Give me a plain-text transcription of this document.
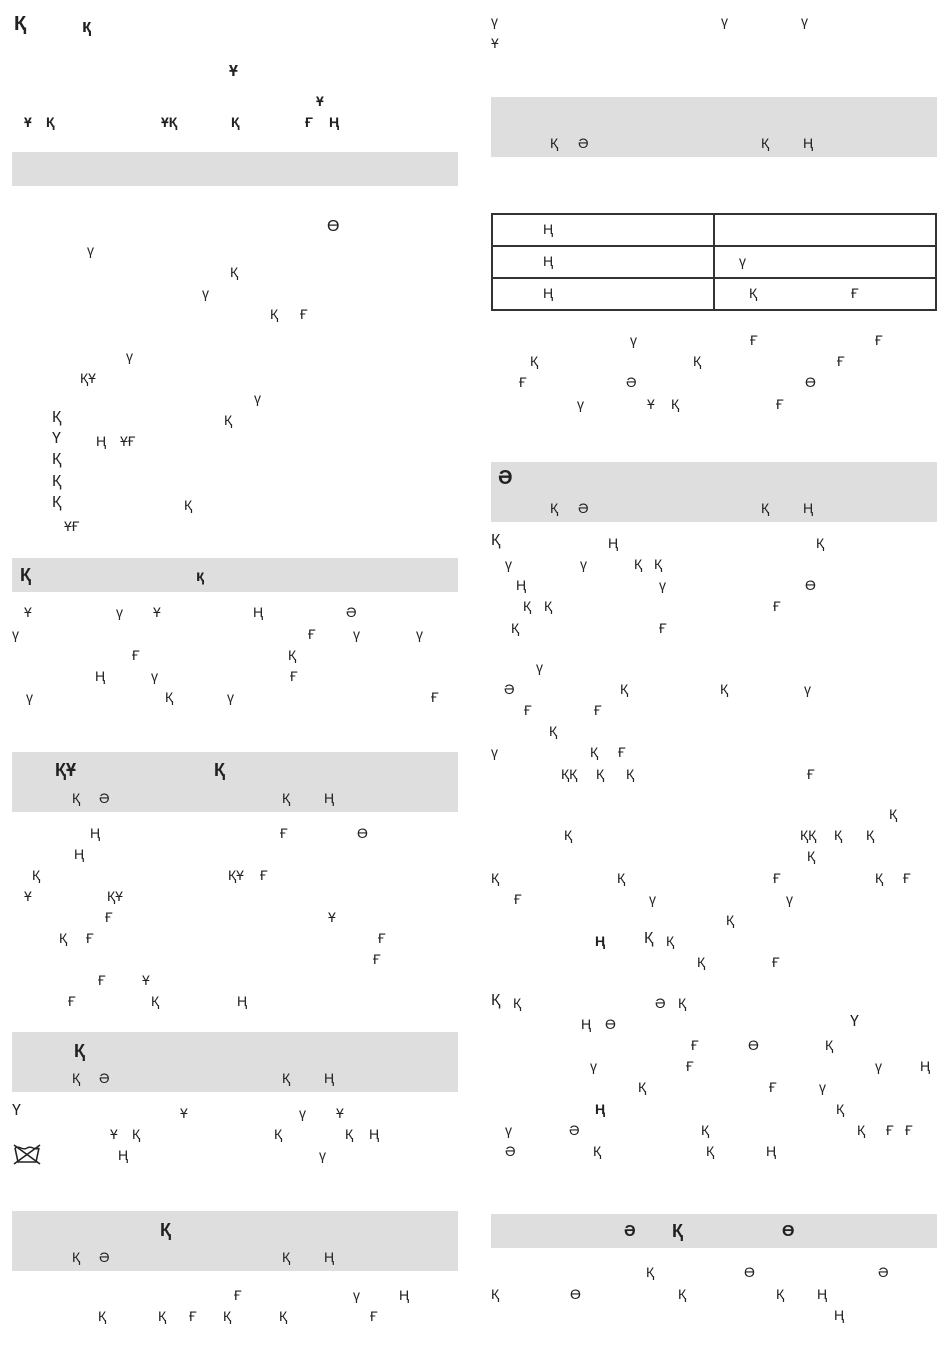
Қ	қ
Ұ
Ұ
Ұ Қ	ҰҚ	Қ	Ғ Ң
Ө
ү
Қ
ү
Қ Ғ
ү
ҚҰ
ү
Қ	Қ
Ү	Ң ҰҒ
Қ
Қ
Қ	Қ
ҰҒ
Қ	қ
Ұ	ү Ұ	Ң	Ә
ү	Ғ	ү	ү
Ғ	Қ
Ң	ү	Ғ
ү	Қ	ү	Ғ
ҚҰ	Қ
Қ Ә	Қ Ң
Ң	Ғ	Ө
Ң
Қ	ҚҰ Ғ
Ұ	ҚҰ
Ғ	Ұ
Қ Ғ	Ғ
Ғ
Ғ	Ұ
Ғ	Қ	Ң
Қ
Қ Ә	Қ Ң
Ү	Ұ	ү Ұ
Ұ Қ	Қ	Қ Ң
Ң	ү
Қ
Қ Ә	Қ Ң
Ғ	ү	Ң
Қ	Қ Ғ Қ	Қ	Ғ
ү	ү	ү
Ұ
Қ Ә	Қ Ң
Ң	
Ң	ү
Ң	Қ Ғ
ү	Ғ	Ғ
Қ	Қ	Ғ
Ғ	Ә	Ө
ү	Ұ Қ	Ғ
Ә
Қ Ә	Қ Ң
Қ	Ң	Қ
ү	ү	Қ Қ
Ң	ү	Ө
Қ Қ	Ғ
Қ	Ғ
ү
Ә	Қ	Қ	ү
Ғ	Ғ
Қ
ү	Қ Ғ
ҚҚ Қ Қ	Ғ
Қ
Қ	ҚҚ Қ Қ
Қ
Қ	Қ	Ғ	Қ Ғ
Ғ	ү	ү
Қ
Ң Қ Қ
Қ	Ғ
Қ Қ	Ә Қ
Ң Ө	Ү
Ғ	Ө	Қ
ү	Ғ	ү	Ң
Қ	Ғ	ү
Ң	Қ
ү	Ә	Қ	Қ Ғ Ғ
Ә	Қ	Қ	Ң
Ә Қ	Ө
Қ	Ө	Ә
Қ	Ө	Қ	Қ Ң
Ң
